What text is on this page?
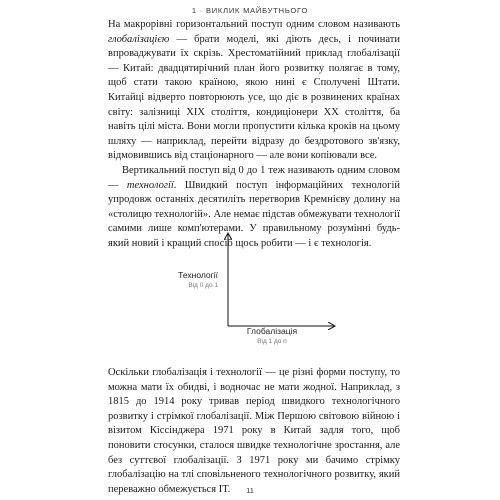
1 · ВИКЛИК МАЙБУТНЬОГО

На макрорівні горизонтальний поступ одним словом називають глобалізацією — брати моделі, які діють десь, і починати впроваджувати їх скрізь. Хрестоматійний приклад глобалізації — Китай: двадцятирічний план його розвитку полягає в тому, щоб стати такою країною, якою нині є Сполучені Штати. Китайці відверто повторюють усе, що діє в розвинених країнах світу: залізниці XIX століття, кондиціонери XX століття, ба навіть цілі міста. Вони могли пропустити кілька кроків на цьому шляху — наприклад, перейти відразу до бездротового зв'язку, відмовившись від стаціонарного — але вони копіювали все.

Вертикальний поступ від 0 до 1 теж називають одним словом — технології. Швидкий поступ інформаційних технологій упродовж останніх десятиліть перетворив Кремнієву долину на «столицю технологій». Але немає підстав обмежувати технології самими лише комп'ютерами. У правильному розумінні будь-який новий і кращий спосіб щось робити — і є технологія.

Технології
Від 0 до 1
Глобалізація
Від 1 до n

Оскільки глобалізація і технології — це різні форми поступу, то можна мати їх обидві, і водночас не мати жодної. Наприклад, з 1815 до 1914 року тривав період швидкого технологічного розвитку і стрімкої глобалізації. Між Першою світовою війною і візитом Кіссінджера 1971 року в Китай задля того, щоб поновити стосунки, сталося швидке технологічне зростання, але без суттєвої глобалізації. З 1971 року ми бачимо стрімку глобалізацію на тлі сповільненого технологічного розвитку, який переважно обмежується ІТ.	11
